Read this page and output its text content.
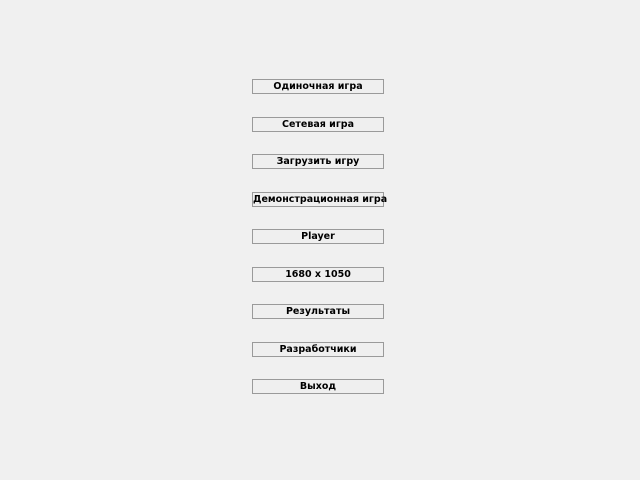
Одиночная игра
Сетевая игра
Загрузить игру
Демонстрационная игра
Player
1680 x 1050
Результаты
Разработчики
Выход
